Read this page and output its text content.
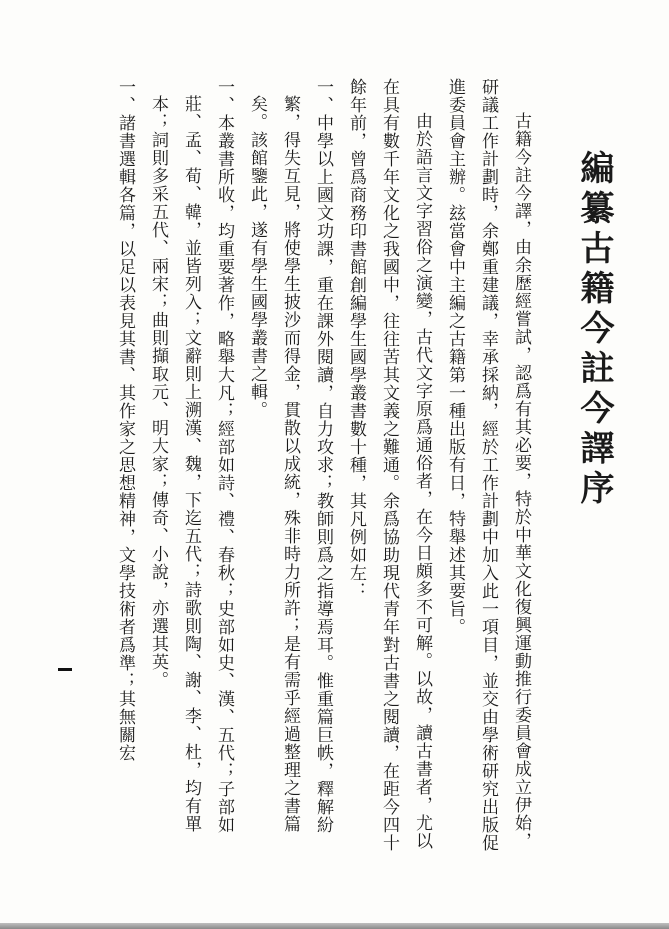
編纂古籍今註今譯序

古籍今註今譯，由余歷經嘗試，認爲有其必要，特於中華文化復興運動推行委員會成立伊始，研議工作計劃時，余鄭重建議，幸承採納，經於工作計劃中加入此一項目，並交由學術研究出版促進委員會主辦。玆當會中主編之古籍第一種出版有日，特舉述其要旨。

由於語言文字習俗之演變，古代文字原爲通俗者，在今日頗多不可解。以故，讀古書者，尤以在具有數千年文化之我國中，往往苦其文義之難通。余爲協助現代青年對古書之閱讀，在距今四十餘年前，曾爲商務印書館創編學生國學叢書數十種，其凡例如左：

一、中學以上國文功課，重在課外閱讀，自力攻求；教師則爲之指導焉耳。惟重篇巨帙，釋解紛繁，得失互見，將使學生披沙而得金，貫散以成統，殊非時力所許；是有需乎經過整理之書篇矣。該館鑒此，遂有學生國學叢書之輯。

一、本叢書所收，均重要著作，略舉大凡；經部如詩、禮、春秋；史部如史、漢、五代；子部如莊、孟、荀、韓，並皆列入；文辭則上溯漢、魏，下迄五代；詩歌則陶、謝、李、杜，均有單本；詞則多采五代、兩宋；曲則擷取元、明大家；傳奇、小說，亦選其英。

一、諸書選輯各篇，以足以表見其書、其作家之思想精神，文學技術者爲準；其無關宏
